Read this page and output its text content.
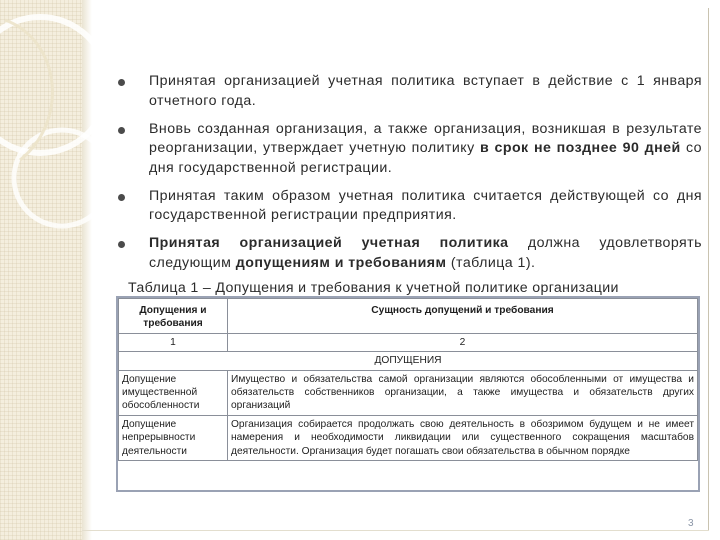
Принятая организацией учетная политика вступает в действие с 1 января отчетного года.
Вновь созданная организация, а также организация, возникшая в результате реорганизации, утверждает учетную политику в срок не позднее 90 дней со дня государственной регистрации.
Принятая таким образом учетная политика считается действующей со дня государственной регистрации предприятия.
Принятая организацией учетная политика должна удовлетворять следующим допущениям и требованиям (таблица 1).
Таблица 1 – Допущения и требования к учетной политике организации
Допущения и требования	Сущность допущений и требования
1	2
ДОПУЩЕНИЯ	
Допущение имущественной обособленности	Имущество и обязательства самой организации являются обособленными от имущества и обязательств собственников организации, а также имущества и обязательств других организаций
Допущение непрерывности деятельности	Организация собирается продолжать свою деятельность в обозримом будущем и не имеет намерения и необходимости ликвидации или существенного сокращения масштабов деятельности. Организация будет погашать свои обязательства в обычном порядке
3
